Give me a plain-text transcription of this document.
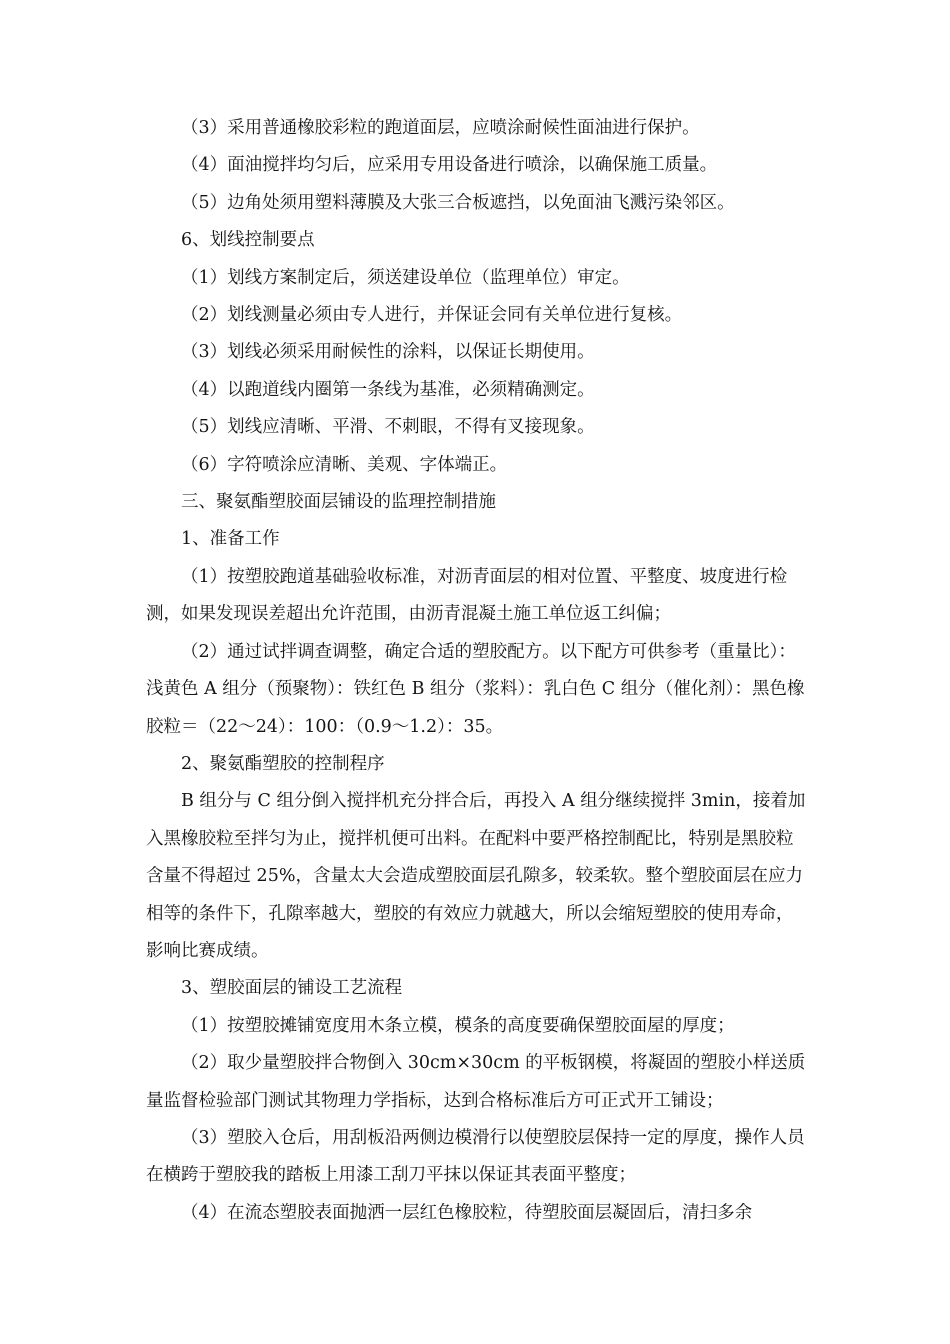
（3）采用普通橡胶彩粒的跑道面层，应喷涂耐候性面油进行保护。

（4）面油搅拌均匀后，应采用专用设备进行喷涂，以确保施工质量。

（5）边角处须用塑料薄膜及大张三合板遮挡，以免面油飞溅污染邻区。

6、划线控制要点

（1）划线方案制定后，须送建设单位（监理单位）审定。

（2）划线测量必须由专人进行，并保证会同有关单位进行复核。

（3）划线必须采用耐候性的涂料，以保证长期使用。

（4）以跑道线内圈第一条线为基准，必须精确测定。

（5）划线应清晰、平滑、不刺眼，不得有叉接现象。

（6）字符喷涂应清晰、美观、字体端正。

三、聚氨酯塑胶面层铺设的监理控制措施

1、准备工作

（1）按塑胶跑道基础验收标准，对沥青面层的相对位置、平整度、坡度进行检测，如果发现误差超出允许范围，由沥青混凝土施工单位返工纠偏；

（2）通过试拌调查调整，确定合适的塑胶配方。以下配方可供参考（重量比）：浅黄色 A 组分（预聚物）：铁红色 B 组分（浆料）：乳白色 C 组分（催化剂）：黑色橡胶粒＝（22～24）：100：（0.9～1.2）：35。

2、聚氨酯塑胶的控制程序

B 组分与 C 组分倒入搅拌机充分拌合后，再投入 A 组分继续搅拌 3min，接着加入黑橡胶粒至拌匀为止，搅拌机便可出料。在配料中要严格控制配比，特别是黑胶粒含量不得超过 25%，含量太大会造成塑胶面层孔隙多，较柔软。整个塑胶面层在应力相等的条件下，孔隙率越大，塑胶的有效应力就越大，所以会缩短塑胶的使用寿命，影响比赛成绩。

3、塑胶面层的铺设工艺流程

（1）按塑胶摊铺宽度用木条立模，模条的高度要确保塑胶面屋的厚度；

（2）取少量塑胶拌合物倒入 30cm×30cm 的平板钢模，将凝固的塑胶小样送质量监督检验部门测试其物理力学指标，达到合格标准后方可正式开工铺设；

（3）塑胶入仓后，用刮板沿两侧边模滑行以使塑胶层保持一定的厚度，操作人员在横跨于塑胶我的踏板上用漆工刮刀平抹以保证其表面平整度；

（4）在流态塑胶表面抛洒一层红色橡胶粒，待塑胶面层凝固后，清扫多余
